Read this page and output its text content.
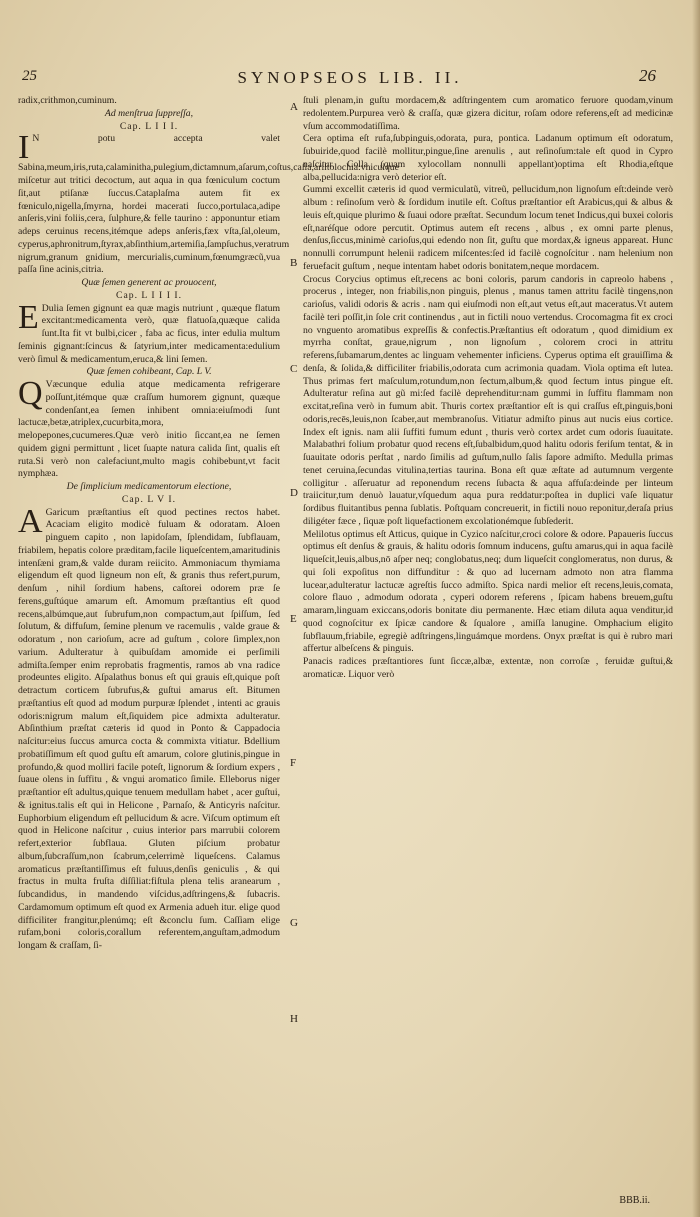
25	SYNOPSEOS LIB. II.	26

radix,crithmon,cuminum.

Ad menſtrua ſuppreſſa,

Cap. L I I I.

I N potu accepta valet Sabina,meum,iris,ruta,calaminitha,pulegium,dictamnum,aſarum,coſtus,caſia,ariſtolochia:vnicuique miſcetur aut tritici decoctum, aut aqua in qua fœniculum coctum ſit,aut ptiſanæ ſuccus.Cataplaſma autem fit ex fœniculo,nigella,ſmyrna, hordei macerati ſucco,portulaca,adipe anſeris,vini foliis,cera, ſulphure,& felle taurino : apponuntur etiam adeps ceruinus recens,itémque adeps anſeris,fæx vſta,ſal,oleum, cyperus,aphronitrum,ſtyrax,abſinthium,artemiſia,ſampſuchus,veratrum nigrum,granum gnidium, mercurialis,cuminum,fœnumgræcũ,vua paſſa ſine acinis,citria.

Quæ ſemen generent ac prouocent,

Cap. L I I I I.

E Dulia ſemen gignunt ea quæ magis nutriunt , quæque flatum excitant:medicamenta verò, quæ flatuoſa,quæque calida ſunt.Ita fit vt bulbi,cicer , faba ac ficus, inter edulia multum ſeminis gignant:ſcincus & ſatyrium,inter medicamenta:edulium verò ſimul & medicamentum,eruca,& lini ſemen.

Quæ ſemen cohibeant, Cap. L V.

Q Væcunque edulia atque medicamenta refrigerare poſſunt,itémque quæ craſſum humorem gignunt, quæque condenſant,ea ſemen inhibent omnia:eiuſmodi ſunt lactucæ,betæ,atriplex,cucurbita,mora, melopepones,cucumeres.Quæ verò initio ſiccant,ea ne ſemen quidem gigni permittunt , licet ſuapte natura calida ſint, qualis eſt ruta.Si verò non calefaciunt,multo magis cohibebunt,vt facit nymphæa.

De ſimplicium medicamentorum electione,

Cap. L V I.

A Garicum præſtantius eſt quod pectines rectos habet. Acaciam eligito modicè fuluam & odoratam. Aloen pinguem capito , non lapidoſam, ſplendidam, ſubflauam, friabilem, hepatis colore præditam,facile liqueſcentem,amaritudinis intenſæni gram,& valde duram reiicito. Ammoniacum thymiama eligendum eſt quod ligneum non eſt, & granis thus refert,purum, denſum , nihil ſordium habens, caſtorei odorem præ ſe ferens,guſtúque amarum eſt. Amomum præſtantius eſt quod recens,albúmque,aut ſubrufum,non compactum,aut ſpiſſum, ſed ſolutum, & diffuſum, ſemine plenum ve racemulis , valde graue & odoratum , non carioſum, acre ad guſtum , colore ſimplex,non varium. Adulteratur à quibuſdam amomide ei perſimili admiſta.ſemper enim reprobatis fragmentis, ramos ab vna radice prodeuntes eligito. Aſpalathus bonus eſt qui grauis eſt,quique poſt detractum corticem ſubrufus,& guſtui amarus eſt. Bitumen præſtantius eſt quod ad modum purpuræ ſplendet , intenti ac grauis odoris:nigrum malum eſt,ſiquidem pice admixta adulteratur. Abſinthium præſtat cæteris id quod in Ponto & Cappadocia naſcitur:eius ſuccus amurca cocta & commixta vitiatur. Bdellium probatiſſimum eſt quod guſtu eſt amarum, colore glutinis,pingue in profundo,& quod molliri facile poteſt, lignorum & ſordium expers , ſuaue olens in ſuffitu , & vngui aromatico ſimile. Elleborus niger præſtantior eſt adultus,quique tenuem medullam habet , acer guſtui, & ignitus.talis eſt qui in Helicone , Parnaſo, & Anticyris naſcitur. Euphorbium eligendum eſt pellucidum & acre. Viſcum optimum eſt quod in Helicone naſcitur , cuius interior pars marrubii colorem refert,exterior ſubflaua. Gluten piſcium probatur album,ſubcraſſum,non ſcabrum,celerrimè liqueſcens. Calamus aromaticus præſtantiſſimus eſt fuluus,denſis geniculis , & qui fractus in multa fruſta diſſiliat:fiſtula plena telis aranearum , ſubcandidus, in mandendo viſcidus,adſtringens,& ſubacris. Cardamomum optimum eſt quod ex Armenia adueh itur. elige quod difficiliter frangitur,plenúmq; eſt &conclu ſum. Caſſiam elige rufam,boni coloris,corallum referentem,anguſtam,admodum longam & craſſam, ſi-

A
B
C
D
E
F
G
H

ſtuli plenam,in guſtu mordacem,& adſtringentem cum aromatico feruore quodam,vinum redolentem.Purpurea verò & craſſa, quæ gizera dicitur, roſam odore referens,eſt ad medicinæ vſum accommodatiſſima.

Cera optima eſt rufa,ſubpinguis,odorata, pura, pontica. Ladanum optimum eſt odoratum, ſubuiride,quod facilè mollitur,pingue,ſine arenulis , aut reſinoſum:tale eſt quod in Cypro naſcitur. Colla (quam xylocollam nonnulli appellant)optima eſt Rhodia,eſtque alba,pellucida:nigra verò deterior eſt.

Gummi excellit cæteris id quod vermiculatũ, vitreũ, pellucidum,non lignoſum eſt:deinde verò album : reſinoſum verò & ſordidum inutile eſt. Coſtus præſtantior eſt Arabicus,qui & albus & leuis eſt,quique plurimo & ſuaui odore præſtat. Secundum locum tenet Indicus,qui buxei coloris eſt,naréſque odore percutit. Optimus autem eſt recens , albus , ex omni parte plenus, denſus,ſiccus,minimè carioſus,qui edendo non ſit, guſtu que mordax,& igneus appareat. Hunc nonnulli corrumpunt helenii radicem miſcentes:ſed id facilè cognoſcitur . nam helenium non feruefacit guſtum , neque intentam habet odoris bonitatem,neque mordacem.

Crocus Corycius optimus eſt,recens ac boni coloris, parum candoris in capreolo habens , procerus , integer, non friabilis,non pinguis, plenus , manus tamen attritu facilè tingens,non carioſus, validi odoris & acris . nam qui eiuſmodi non eſt,aut vetus eſt,aut maceratus.Vt autem facilè teri poſſit,in ſole crit continendus , aut in fictili nouo vertendus. Crocomagma fit ex croci no vnguento aromatibus expreſſis & confectis.Præſtantius eſt odoratum , quod dimidium ex myrrha conſtat, graue,nigrum , non lignoſum , colorem croci in attritu referens,ſubamarum,dentes ac linguam vehementer inficiens. Cyperus optima eſt grauiſſima & denſa, & ſolida,& difficiliter friabilis,odorata cum acrimonia quadam. Viola optima eſt lutea. Thus primas fert maſculum,rotundum,non ſectum,album,& quod ſectum intus pingue eſt. Adulteratur reſina aut gũ mi:ſed facilè deprehenditur:nam gummi in ſuffitu flammam non excitat,reſina verò in fumum abit. Thuris cortex præſtantior eſt is qui craſſus eſt,pinguis,boni odoris,recēs,leuis,non ſcaber,aut membranoſus. Vitiatur admiſto pinus aut nucis eius cortice. Index eſt ignis. nam alii ſuffiti fumum edunt , thuris verò cortex ardet cum odoris ſuauitate. Malabathri folium probatur quod recens eſt,ſubalbidum,quod halitu odoris feriſum tentat, & in ſuauitate odoris perſtat , nardo ſimilis ad guſtum,nullo ſalis ſapore admiſto. Medulla primas tenet ceruina,ſecundas vitulina,tertias taurina. Bona eſt quæ æſtate ad autumnum vergente colligitur . aſſeruatur ad reponendum recens ſubacta & aqua affuſa:deinde per linteum traiicitur,tum denuò lauatur,vſquedum aqua pura reddatur:poſtea in duplici vaſe liquatur ſordibus fluitantibus penna ſublatis. Poſtquam concreuerit, in fictili nouo reponitur,deraſa prius diligéter fæce , ſiquæ poſt liquefactionem excolationémque ſubſederit.

Melilotus optimus eſt Atticus, quique in Cyzico naſcitur,croci colore & odore. Papaueris ſuccus optimus eſt denſus & grauis, & halitu odoris ſomnum inducens, guſtu amarus,qui in aqua facilè liqueſcit,leuis,albus,nō aſper neq; conglobatus,neq; dum liqueſcit conglomeratus, non durus, & qui ſoli expoſitus non diffunditur : & quo ad lucernam admoto non atra flamma lucear,adulteratur lactucæ agreſtis ſucco admiſto. Spica nardi melior eſt recens,leuis,comata, colore flauo , admodum odorata , cyperi odorem referens , ſpicam habens breuem,guſtu amaram,linguam exiccans,odoris bonitate diu permanente. Hæc etiam diluta aqua venditur,id quod cognoſcitur ex ſpicæ candore & ſqualore , amiſſa lanugine. Omphacium eligito ſubflauum,friabile, egregiè adſtringens,linguámque mordens. Onyx præſtat is qui è rubro mari affertur albeſcens & pinguis.

Panacis radices præſtantiores ſunt ſiccæ,albæ, extentæ, non corroſæ , feruidæ guſtui,& aromaticæ. Liquor verò

BBB.ii.
